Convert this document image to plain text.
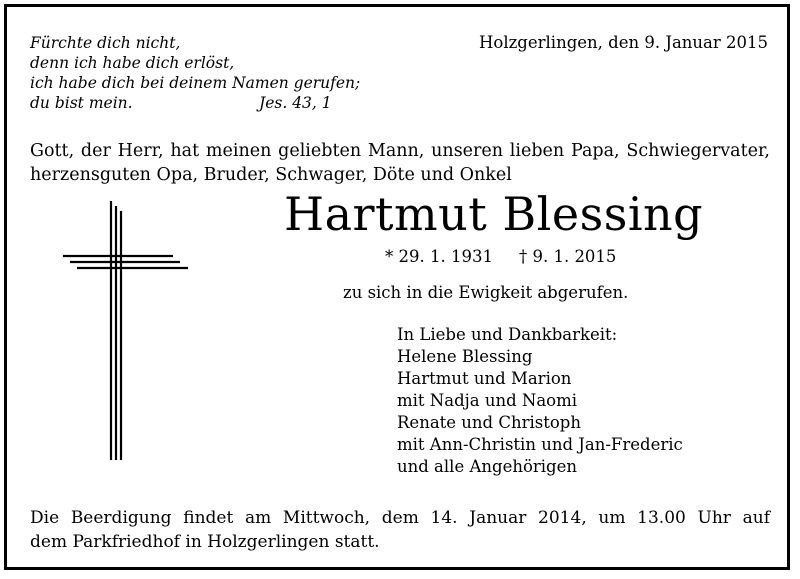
Fürchte dich nicht,
denn ich habe dich erlöst,
ich habe dich bei deinem Namen gerufen;
du bist mein.	Jes. 43, 1
Holzgerlingen, den 9. Januar 2015
Gott, der Herr, hat meinen geliebten Mann, unseren lieben Papa, Schwiegervater,
herzensguten Opa, Bruder, Schwager, Döte und Onkel
Hartmut Blessing
* 29. 1. 1931 † 9. 1. 2015
zu sich in die Ewigkeit abgerufen.
In Liebe und Dankbarkeit:
Helene Blessing
Hartmut und Marion
mit Nadja und Naomi
Renate und Christoph
mit Ann-Christin und Jan-Frederic
und alle Angehörigen
Die Beerdigung findet am Mittwoch, dem 14. Januar 2014, um 13.00 Uhr auf
dem Parkfriedhof in Holzgerlingen statt.
